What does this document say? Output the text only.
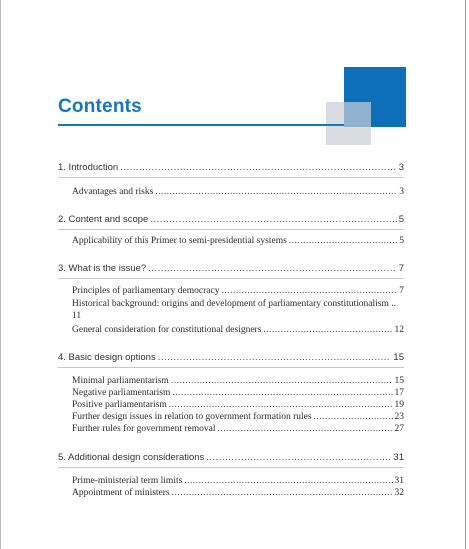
Contents
1. Introduction .....	3
Advantages and risks .....	3
2. Content and scope .....	5
Applicability of this Primer to semi-presidential systems .....	5
3. What is the issue? .....	7
Principles of parliamentary democracy .....	7
Historical background: origins and development of parliamentary constitutionalism ..
11
General consideration for constitutional designers .....	12
4. Basic design options .....	15
Minimal parliamentarism .....	15
Negative parliamentarism .....	17
Positive parliamentarism .....	19
Further design issues in relation to government formation rules .....	23
Further rules for government removal .....	27
5. Additional design considerations .....	31
Prime-ministerial term limits .....	31
Appointment of ministers .....	32
